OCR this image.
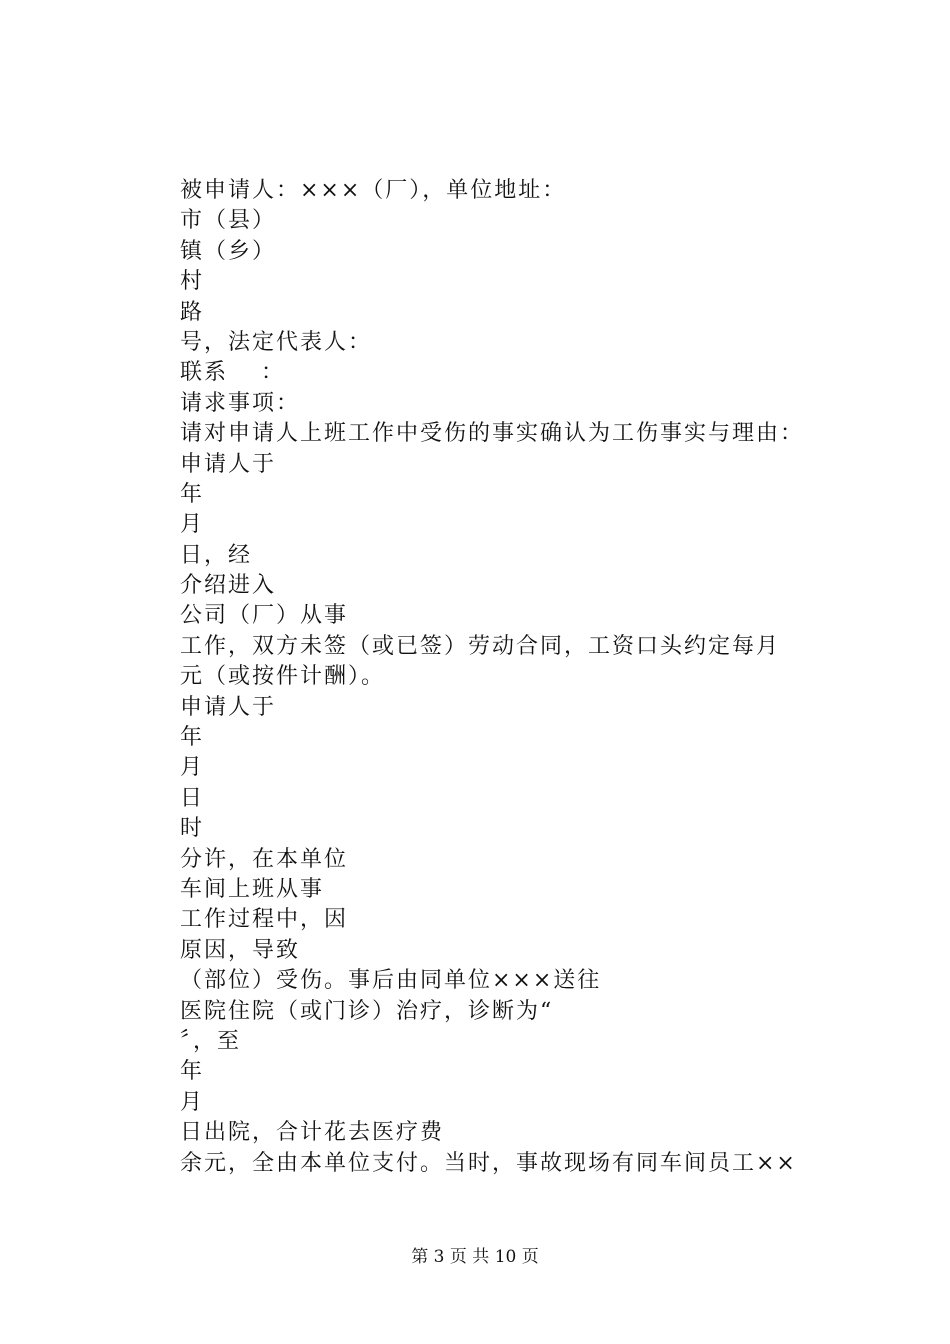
被申请人：×××（厂），单位地址：
市（县）
镇（乡）
村
路
号，法定代表人：
联系　 ：
请求事项：
请对申请人上班工作中受伤的事实确认为工伤事实与理由：
申请人于
年
月
日，经
介绍进入
公司（厂）从事
工作，双方未签（或已签）劳动合同，工资口头约定每月
元（或按件计酬）。
申请人于
年
月
日
时
分许，在本单位
车间上班从事
工作过程中，因
原因，导致
（部位）受伤。事后由同单位×××送往
医院住院（或门诊）治疗，诊断为“
〞，至
年
月
日出院，合计花去医疗费
余元，全由本单位支付。当时，事故现场有同车间员工××
第 3 页 共 10 页
